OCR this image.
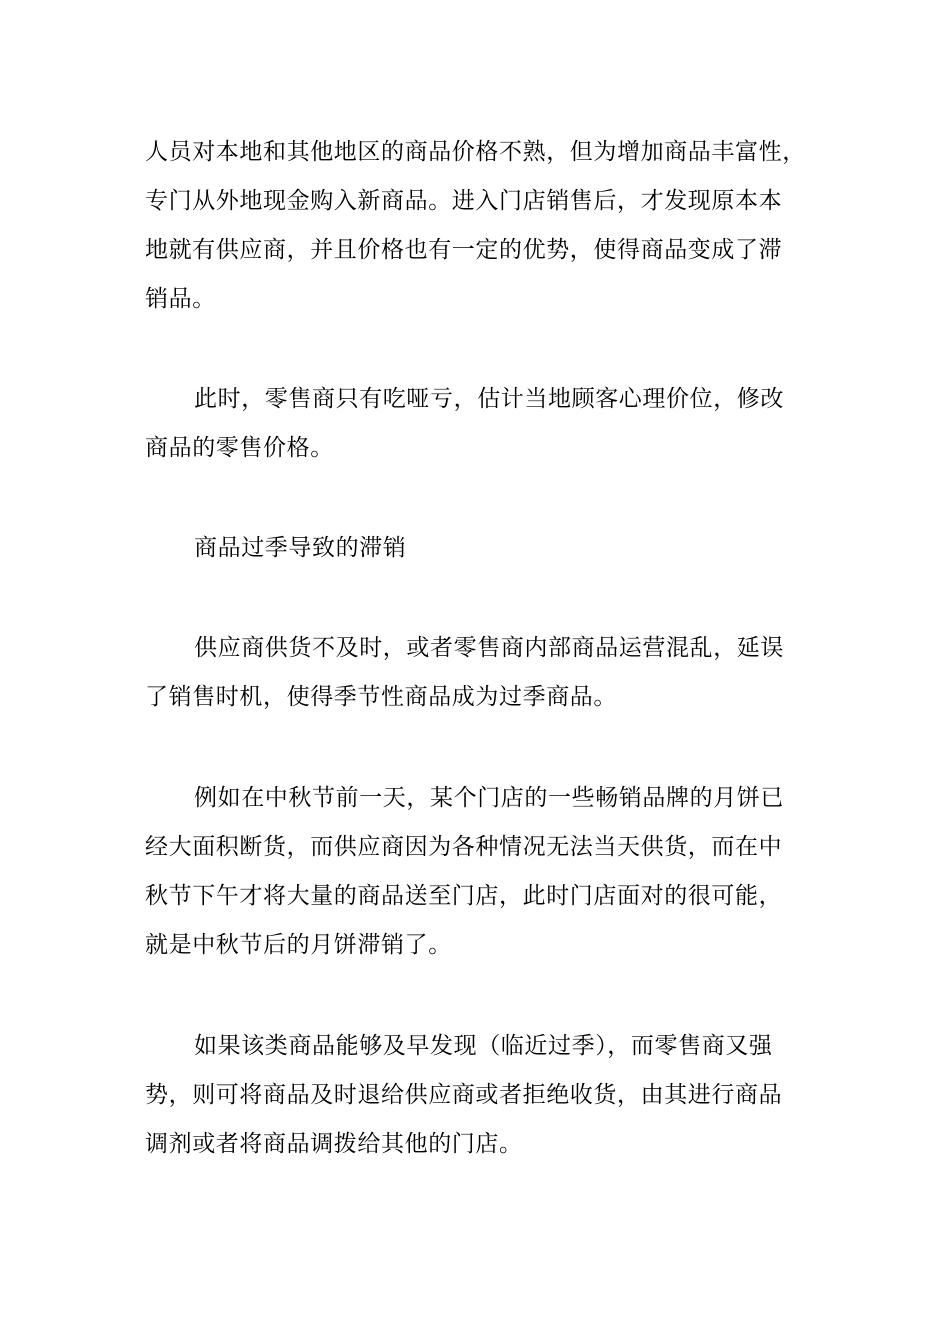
人员对本地和其他地区的商品价格不熟，但为增加商品丰富性，
专门从外地现金购入新商品。进入门店销售后，才发现原本本
地就有供应商，并且价格也有一定的优势，使得商品变成了滞
销品。

此时，零售商只有吃哑亏，估计当地顾客心理价位，修改
商品的零售价格。

商品过季导致的滞销

供应商供货不及时，或者零售商内部商品运营混乱，延误
了销售时机，使得季节性商品成为过季商品。

例如在中秋节前一天，某个门店的一些畅销品牌的月饼已
经大面积断货，而供应商因为各种情况无法当天供货，而在中
秋节下午才将大量的商品送至门店，此时门店面对的很可能，
就是中秋节后的月饼滞销了。

如果该类商品能够及早发现（临近过季），而零售商又强
势，则可将商品及时退给供应商或者拒绝收货，由其进行商品
调剂或者将商品调拨给其他的门店。
